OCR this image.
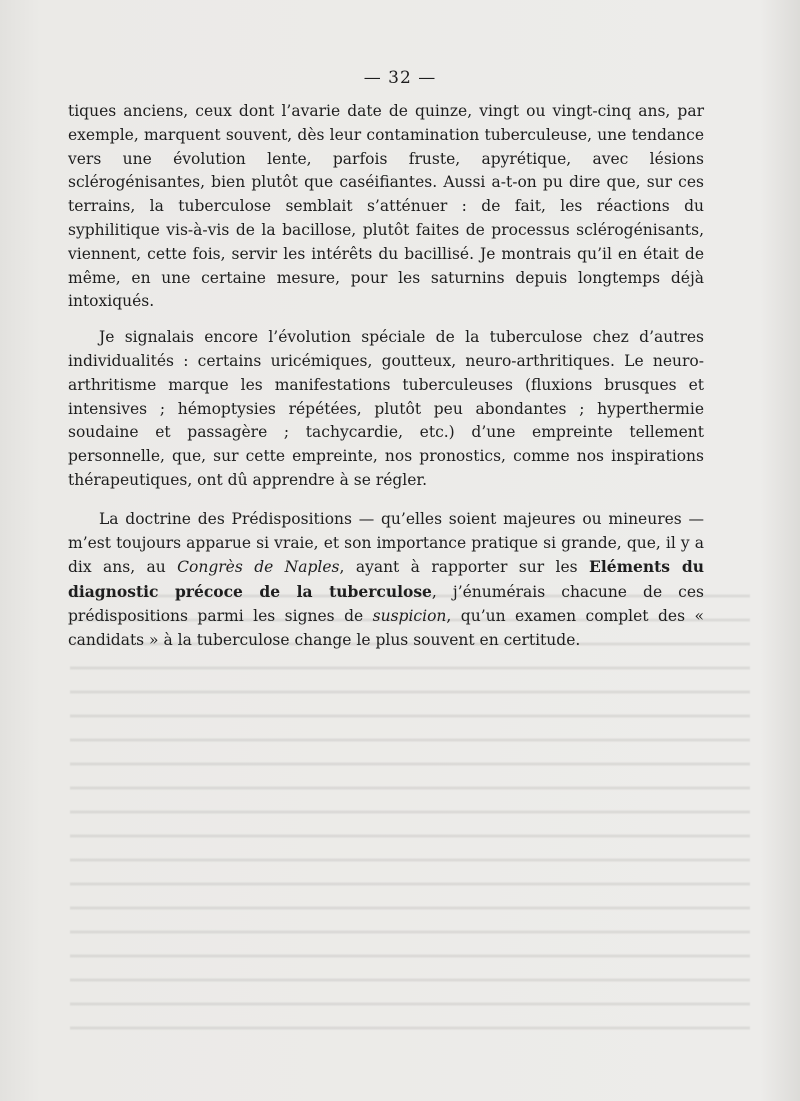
— 32 —

tiques anciens, ceux dont l’avarie date de quinze, vingt ou vingt-cinq ans, par exemple, marquent souvent, dès leur contamination tuberculeuse, une tendance vers une évolution lente, parfois fruste, apyrétique, avec lésions sclérogénisantes, bien plutôt que caséifiantes. Aussi a-t-on pu dire que, sur ces terrains, la tuberculose semblait s’atténuer : de fait, les réactions du syphilitique vis-à-vis de la bacillose, plutôt faites de processus sclérogénisants, viennent, cette fois, servir les intérêts du bacillisé. Je montrais qu’il en était de même, en une certaine mesure, pour les saturnins depuis longtemps déjà intoxiqués.

Je signalais encore l’évolution spéciale de la tuberculose chez d’autres individualités : certains uricémiques, goutteux, neuro-arthritiques. Le neuro-arthritisme marque les manifestations tuberculeuses (fluxions brusques et intensives ; hémoptysies répétées, plutôt peu abondantes ; hyperthermie soudaine et passagère ; tachycardie, etc.) d’une empreinte tellement personnelle, que, sur cette empreinte, nos pronostics, comme nos inspirations thérapeutiques, ont dû apprendre à se régler.

La doctrine des Prédispositions — qu’elles soient majeures ou mineures — m’est toujours apparue si vraie, et son importance pratique si grande, que, il y a dix ans, au Congrès de Naples, ayant à rapporter sur les Eléments du diagnostic précoce de la tuberculose, j’énumérais chacune de ces prédispositions parmi les signes de suspicion, qu’un examen complet des « candidats » à la tuberculose change le plus souvent en certitude.
